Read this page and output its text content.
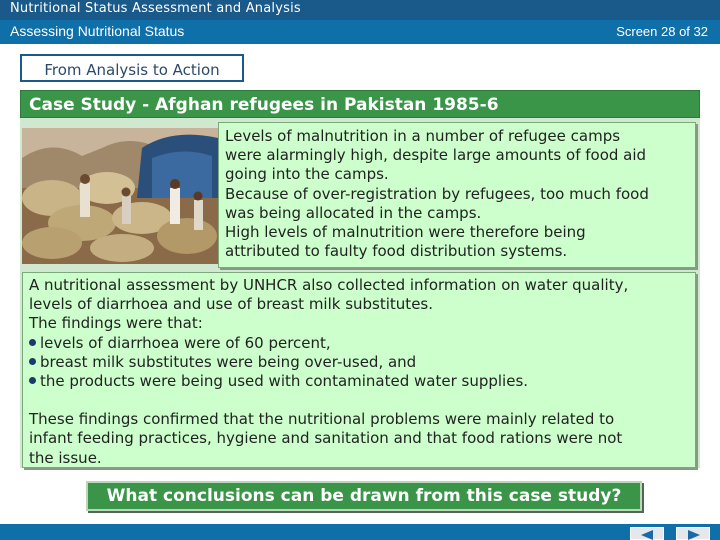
Nutritional Status Assessment and Analysis
Assessing Nutritional Status	Screen 28 of 32
From Analysis to Action
Case Study - Afghan refugees in Pakistan 1985-6
Levels of malnutrition in a number of refugee camps
were alarmingly high, despite large amounts of food aid
going into the camps.
Because of over-registration by refugees, too much food
was being allocated in the camps.
High levels of malnutrition were therefore being
attributed to faulty food distribution systems.
A nutritional assessment by UNHCR also collected information on water quality,
levels of diarrhoea and use of breast milk substitutes.
The findings were that:
levels of diarrhoea were of 60 percent,
breast milk substitutes were being over-used, and
the products were being used with contaminated water supplies.
These findings confirmed that the nutritional problems were mainly related to
infant feeding practices, hygiene and sanitation and that food rations were not
the issue.
What conclusions can be drawn from this case study?
